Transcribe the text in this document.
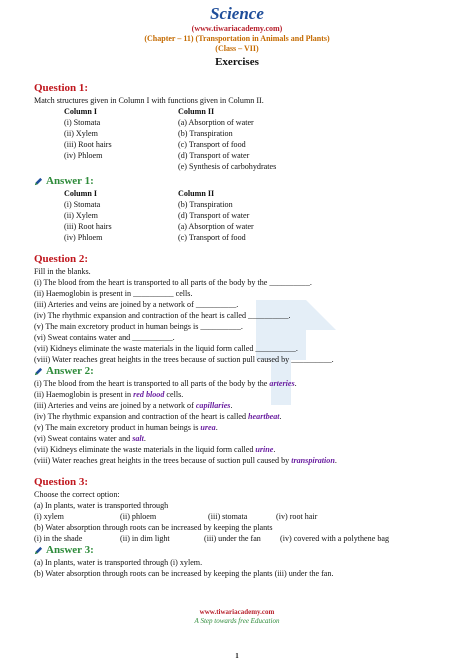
Science
(www.tiwariacademy.com)
(Chapter – 11) (Transportation in Animals and Plants)
(Class – VII)
Exercises
Question 1:
Match structures given in Column I with functions given in Column II.
Column I	Column II
(i) Stomata	(a) Absorption of water
(ii) Xylem	(b) Transpiration
(iii) Root hairs	(c) Transport of food
(iv) Phloem	(d) Transport of water
(e) Synthesis of carbohydrates
Answer 1:
Column I	Column II
(i) Stomata	(b) Transpiration
(ii) Xylem	(d) Transport of water
(iii) Root hairs	(a) Absorption of water
(iv) Phloem	(c) Transport of food
Question 2:
Fill in the blanks.
(i) The blood from the heart is transported to all parts of the body by the __________.
(ii) Haemoglobin is present in __________ cells.
(iii) Arteries and veins are joined by a network of __________.
(iv) The rhythmic expansion and contraction of the heart is called __________.
(v) The main excretory product in human beings is __________.
(vi) Sweat contains water and __________.
(vii) Kidneys eliminate the waste materials in the liquid form called __________.
(viii) Water reaches great heights in the trees because of suction pull caused by __________.
Answer 2:
(i) The blood from the heart is transported to all parts of the body by the arteries.
(ii) Haemoglobin is present in red blood cells.
(iii) Arteries and veins are joined by a network of capillaries.
(iv) The rhythmic expansion and contraction of the heart is called heartbeat.
(v) The main excretory product in human beings is urea.
(vi) Sweat contains water and salt.
(vii) Kidneys eliminate the waste materials in the liquid form called urine.
(viii) Water reaches great heights in the trees because of suction pull caused by transpiration.
Question 3:
Choose the correct option:
(a) In plants, water is transported through
(i) xylem	(ii) phloem	(iii) stomata	(iv) root hair
(b) Water absorption through roots can be increased by keeping the plants
(i) in the shade	(ii) in dim light	(iii) under the fan	(iv) covered with a polythene bag
Answer 3:
(a) In plants, water is transported through (i) xylem.
(b) Water absorption through roots can be increased by keeping the plants (iii) under the fan.
www.tiwariacademy.com
A Step towards free Education
1
